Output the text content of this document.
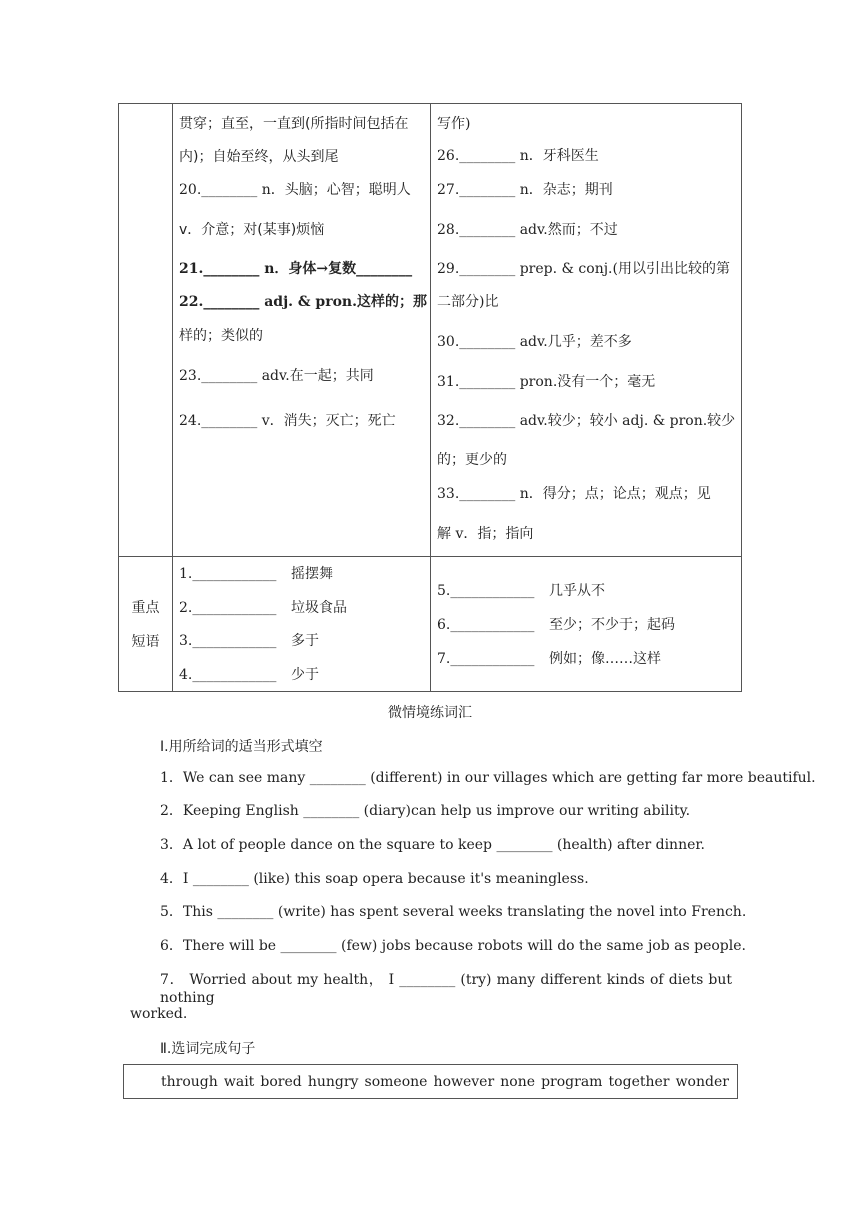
贯穿；直至，一直到(所指时间包括在
内)；自始至终，从头到尾
20.________ n．头脑；心智；聪明人
v．介意；对(某事)烦恼
21.________ n．身体→复数________
22.________ adj. & pron.这样的；那
样的；类似的
23.________ adv.在一起；共同
24.________ v．消失；灭亡；死亡
写作)
26.________ n．牙科医生
27.________ n．杂志；期刊
28.________ adv.然而；不过
29.________ prep. & conj.(用以引出比较的第
二部分)比
30.________ adv.几乎；差不多
31.________ pron.没有一个；毫无
32.________ adv.较少；较小 adj. & pron.较少
的；更少的
33.________ n．得分；点；论点；观点；见
解 v．指；指向
重点
短语
1.____________ 摇摆舞
2.____________ 垃圾食品
3.____________ 多于
4.____________ 少于
5.____________ 几乎从不
6.____________ 至少；不少于；起码
7.____________ 例如；像……这样
微情境练词汇
Ⅰ.用所给词的适当形式填空
1．We can see many ________ (different) in our villages which are getting far more beautiful.
2．Keeping English ________ (diary)can help us improve our writing ability.
3．A lot of people dance on the square to keep ________ (health) after dinner.
4．I ________ (like) this soap opera because it's meaningless.
5．This ________ (write) has spent several weeks translating the novel into French.
6．There will be ________ (few) jobs because robots will do the same job as people.
7． Worried about my health， I ________ (try) many different kinds of diets but nothing
worked.
Ⅱ.选词完成句子
through wait bored hungry someone however none program together wonder
